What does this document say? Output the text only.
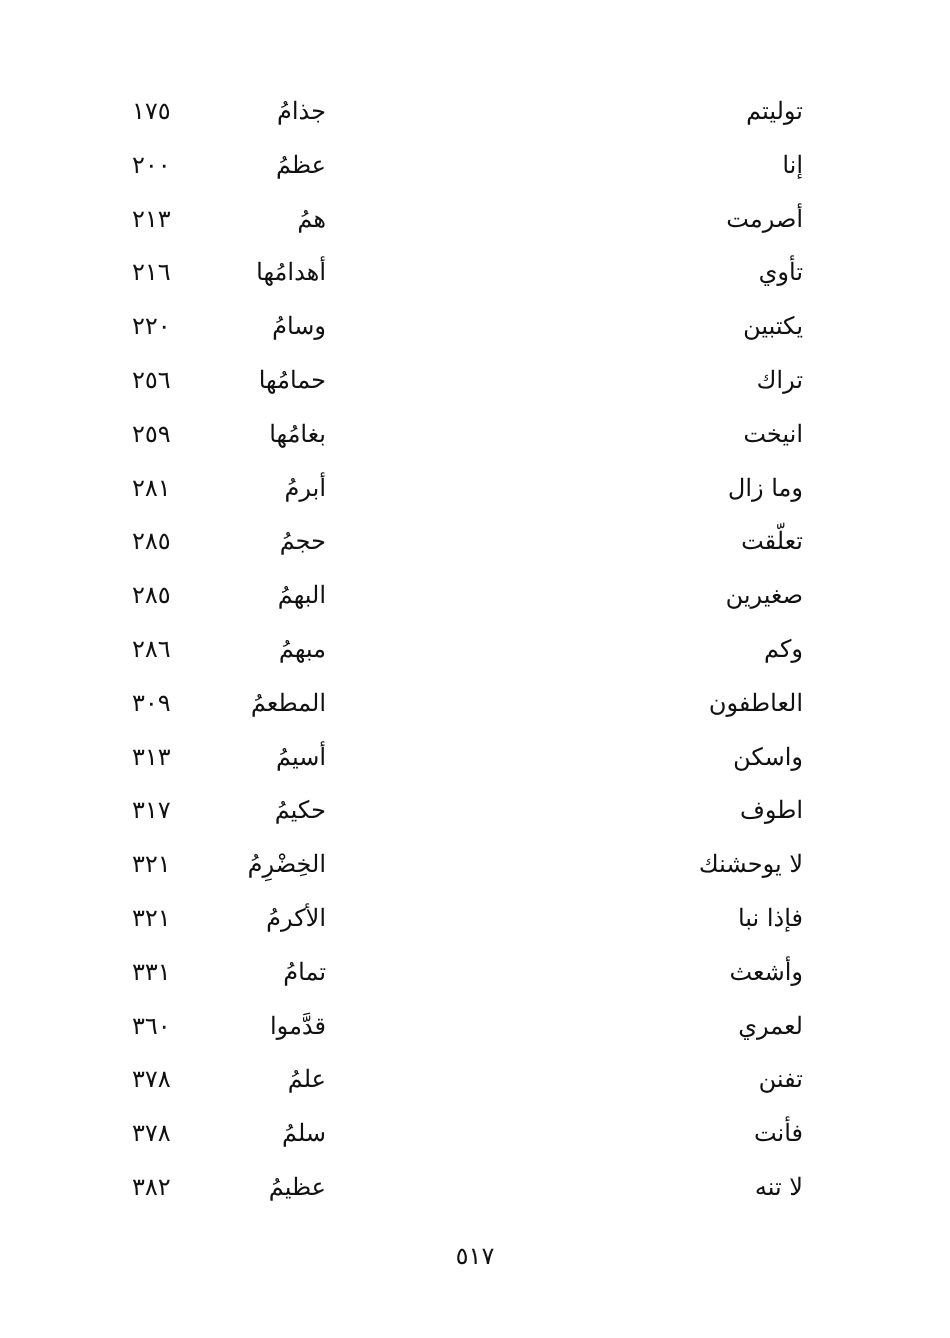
توليتم
جذامُ
١٧٥
إنا
عظمُ
٢٠٠
أصرمت
همُ
٢١٣
تأوي
أهدامُها
٢١٦
يكتبين
وسامُ
٢٢٠
تراك
حمامُها
٢٥٦
انيخت
بغامُها
٢٥٩
وما زال
أبرمُ
٢٨١
تعلّقت
حجمُ
٢٨٥
صغيرين
البهمُ
٢٨٥
وكم
مبهمُ
٢٨٦
العاطفون
المطعمُ
٣٠٩
واسكن
أسيمُ
٣١٣
اطوف
حكيمُ
٣١٧
لا يوحشنك
الخِضْرِمُ
٣٢١
فإذا نبا
الأكرمُ
٣٢١
وأشعث
تمامُ
٣٣١
لعمري
قدَّموا
٣٦٠
تفنن
علمُ
٣٧٨
فأنت
سلمُ
٣٧٨
لا تنه
عظيمُ
٣٨٢
٥١٧
